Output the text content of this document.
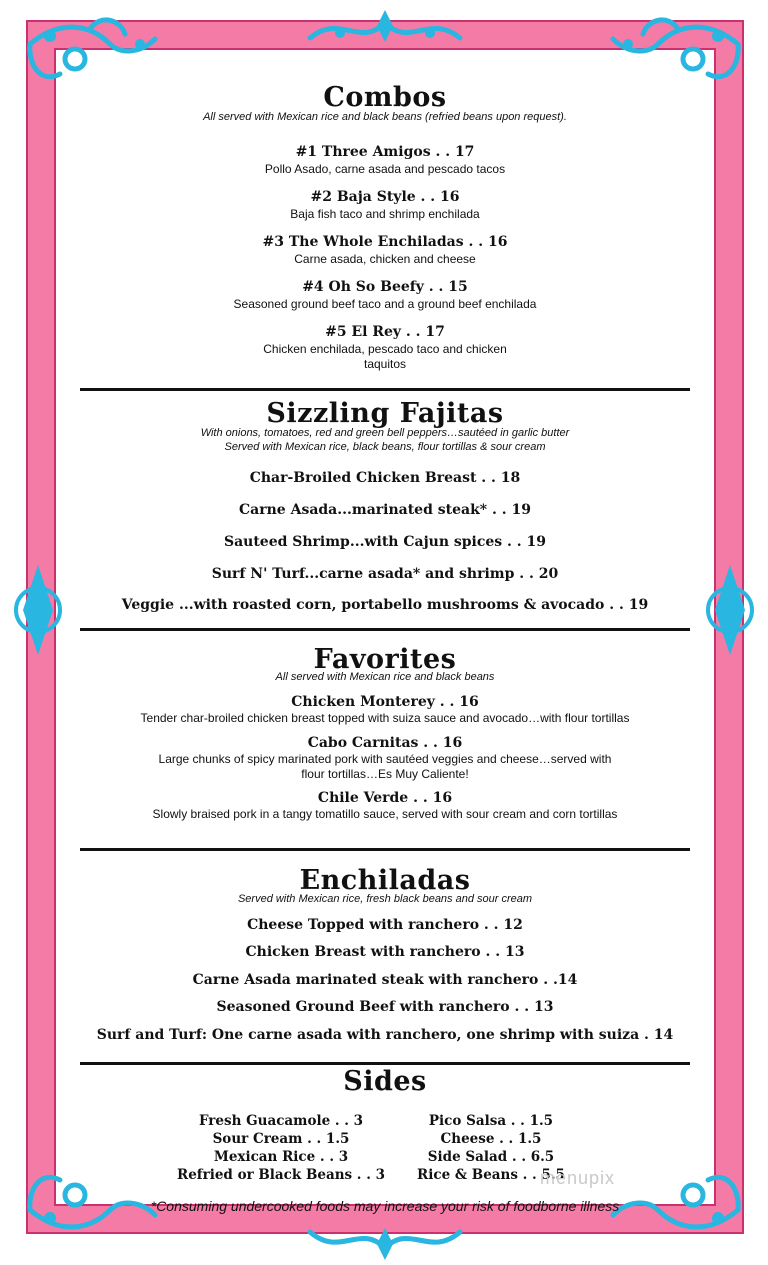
Combos
All served with Mexican rice and black beans (refried beans upon request).
#1 Three Amigos . . 17
Pollo Asado, carne asada and pescado tacos
#2 Baja Style . . 16
Baja fish taco and shrimp enchilada
#3 The Whole Enchiladas . . 16
Carne asada, chicken and cheese
#4 Oh So Beefy . . 15
Seasoned ground beef taco and a ground beef enchilada
#5 El Rey . . 17
Chicken enchilada, pescado taco and chicken taquitos
Sizzling Fajitas
With onions, tomatoes, red and green bell peppers…sautéed in garlic butter
Served with Mexican rice, black beans, flour tortillas & sour cream
Char-Broiled Chicken Breast . . 18
Carne Asada...marinated steak* . . 19
Sauteed Shrimp...with Cajun spices . . 19
Surf N' Turf...carne asada* and shrimp . . 20
Veggie ...with roasted corn, portabello mushrooms & avocado . . 19
Favorites
All served with Mexican rice and black beans
Chicken Monterey . . 16
Tender char-broiled chicken breast topped with suiza sauce and avocado…with flour tortillas
Cabo Carnitas . . 16
Large chunks of spicy marinated pork with sautéed veggies and cheese…served with flour tortillas…Es Muy Caliente!
Chile Verde . . 16
Slowly braised pork in a tangy tomatillo sauce, served with sour cream and corn tortillas
Enchiladas
Served with Mexican rice, fresh black beans and sour cream
Cheese Topped with ranchero . . 12
Chicken Breast with ranchero . . 13
Carne Asada marinated steak with ranchero . .14
Seasoned Ground Beef with ranchero . . 13
Surf and Turf: One carne asada with ranchero, one shrimp with suiza . 14
Sides
Fresh Guacamole . . 3
Sour Cream . . 1.5
Mexican Rice . . 3
Refried or Black Beans . . 3
Pico Salsa . . 1.5
Cheese . . 1.5
Side Salad . . 6.5
Rice & Beans . . 5.5
menupix
*Consuming undercooked foods may increase your risk of foodborne illness
